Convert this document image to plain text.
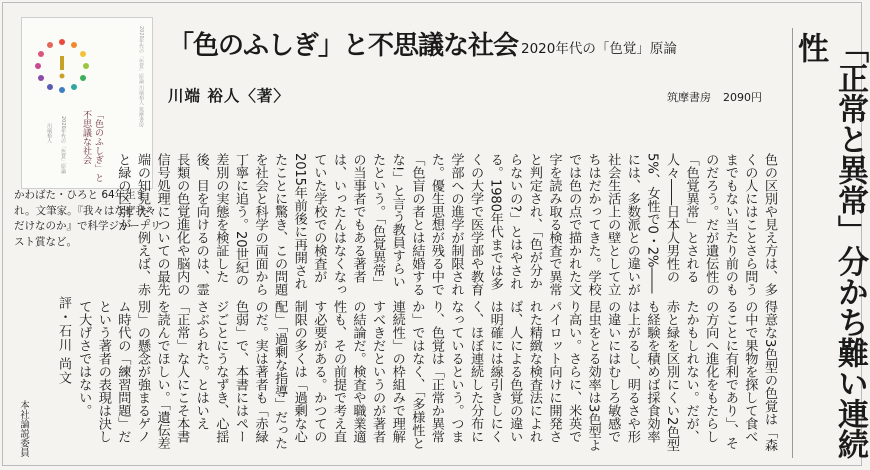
2020年代の「色覚」原論 川端裕人 筑摩書房
「色のふしぎ」と不思議な社会
2020年代の「色覚」原論
川端裕人
かわばた・ひろと 64年生まれ。文筆家。『我々はなぜ我々だけなのか』で科学ジャーナリスト賞など。
評・石川 尚文
本社論説委員
「色のふしぎ」と不思議な社会 2020年代の「色覚」原論
川端 裕人〈著〉	筑摩書房 2090円	「正常と異常」分かち難い連続性
色の区別や見え方は、多くの人にはことさら問うまでもない当たり前のものだろう。だが遺伝性の「色覚異常」とされる人々――日本人男性の5%、女性で0・2%――には、多数派との違いが社会生活上の壁として立ちはだかってきた。学校では色の点で描かれた文字を読み取る検査で異常と判定され、「色が分からないの?」とはやされる。1980年代までは多くの大学で医学部や教育学部への進学が制限された。優生思想が残る中で「色盲の者とは結婚するな!」と言う教員すらいたという。「色覚異常」の当事者でもある著者は、いったんはなくなっていた学校での検査が2015年前後に再開されたことに驚き、この問題を社会と科学の両面から丁寧に追う。20世紀の差別の実態を検証した後、目を向けるのは、霊長類の色覚進化や脳内の信号処理についての最先端の知見だ。例えば、赤と緑の区別が
得意な3色型の色覚は「森の中で果物を探して食べることに有利であり」、その方向へ進化をもたらしたかもしれない。だが、赤と緑を区別にくい2色型も経験を積めば採食効率は上がるし、明るさや形の違いにはむしろ敏感で昆虫をとる効率は3色型より高い。さらに、米英でパイロット向けに開発された精緻な検査法によれば、人による色覚の違いは明確には線引きしにくく、ほぼ連続した分布になっているという。つまり、色覚は「正常か異常か」ではなく、「多様性と連続性」の枠組みで理解すべきだというのが著者の結論だ。検査や職業適性も、その前提で考え直す必要がある。かつての制限の多くは「過剰な心配」「過剰な指導」だったのだ。実は著者も「赤緑色弱」で、本書にはページごとにうなずき、心揺さぶられた。とはいえ「正常」な人にこそ本書を読んでほしい。「遺伝差別」の懸念が強まるゲノム時代の「練習問題」だという著者の表現は決して大げさではない。
